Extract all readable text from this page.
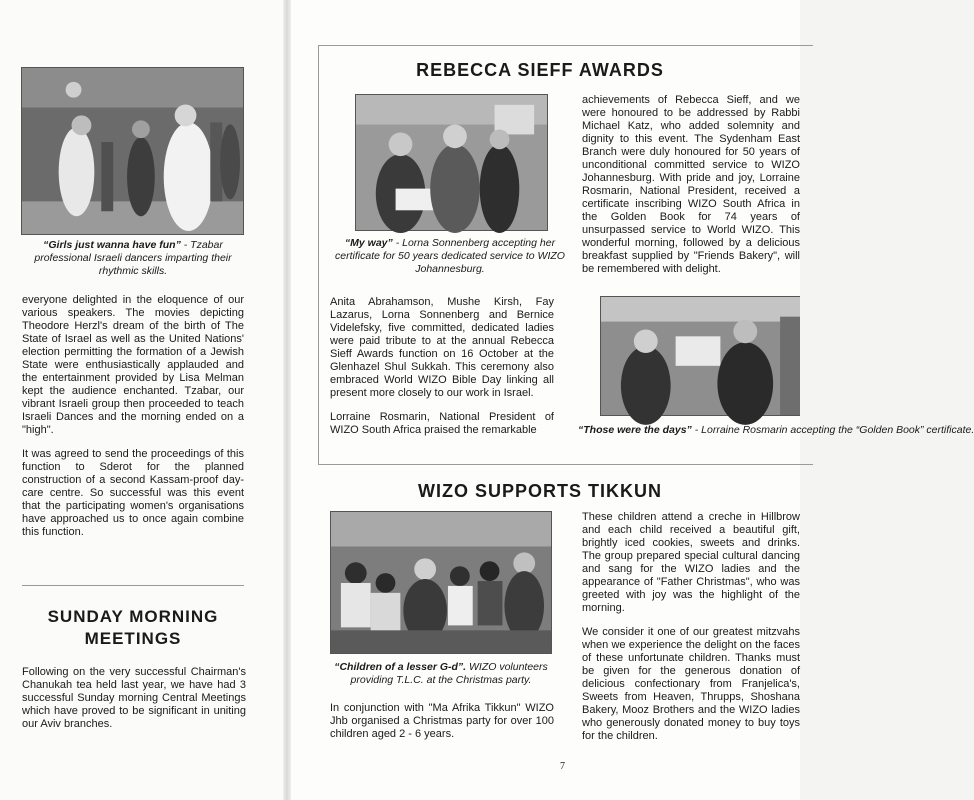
“Girls just wanna have fun” - Tzabar professional Israeli dancers imparting their rhythmic skills.

everyone delighted in the eloquence of our various speakers. The movies depicting Theodore Herzl's dream of the birth of The State of Israel as well as the United Nations' election permitting the formation of a Jewish State were enthusiastically applauded and the entertainment provided by Lisa Melman kept the audience enchanted. Tzabar, our vibrant Israeli group then proceeded to teach Israeli Dances and the morning ended on a "high".

It was agreed to send the proceedings of this function to Sderot for the planned construction of a second Kassam-proof day-care centre. So successful was this event that the participating women's organisations have approached us to once again combine this function.

SUNDAY MORNING
MEETINGS

Following on the very successful Chairman's Chanukah tea held last year, we have had 3 successful Sunday morning Central Meetings which have proved to be significant in uniting our Aviv branches.

REBECCA SIEFF AWARDS
“My way” - Lorna Sonnenberg accepting her certificate for 50 years dedicated service to WIZO Johannesburg.

Anita Abrahamson, Mushe Kirsh, Fay Lazarus, Lorna Sonnenberg and Bernice Videlefsky, five committed, dedicated ladies were paid tribute to at the annual Rebecca Sieff Awards function on 16 October at the Glenhazel Shul Sukkah. This ceremony also embraced World WIZO Bible Day linking all present more closely to our work in Israel.

Lorraine Rosmarin, National President of WIZO South Africa praised the remarkable

achievements of Rebecca Sieff, and we were honoured to be addressed by Rabbi Michael Katz, who added solemnity and dignity to this event. The Sydenham East Branch were duly honoured for 50 years of unconditional committed service to WIZO Johannesburg. With pride and joy, Lorraine Rosmarin, National President, received a certificate inscribing WIZO South Africa in the Golden Book for 74 years of unsurpassed service to World WIZO. This wonderful morning, followed by a delicious breakfast supplied by "Friends Bakery", will be remembered with delight.

“Those were the days” - Lorraine Rosmarin accepting the “Golden Book” certificate.
WIZO SUPPORTS TIKKUN
“Children of a lesser G-d”. WIZO volunteers providing T.L.C. at the Christmas party.

In conjunction with "Ma Afrika Tikkun" WIZO Jhb organised a Christmas party for over 100 children aged 2 - 6 years.

These children attend a creche in Hillbrow and each child received a beautiful gift, brightly iced cookies, sweets and drinks. The group prepared special cultural dancing and sang for the WIZO ladies and the appearance of "Father Christmas", who was greeted with joy was the highlight of the morning.

We consider it one of our greatest mitzvahs when we experience the delight on the faces of these unfortunate children. Thanks must be given for the generous donation of delicious confectionary from Franjelica's, Sweets from Heaven, Thrupps, Shoshana Bakery, Mooz Brothers and the WIZO ladies who generously donated money to buy toys for the children.

7
